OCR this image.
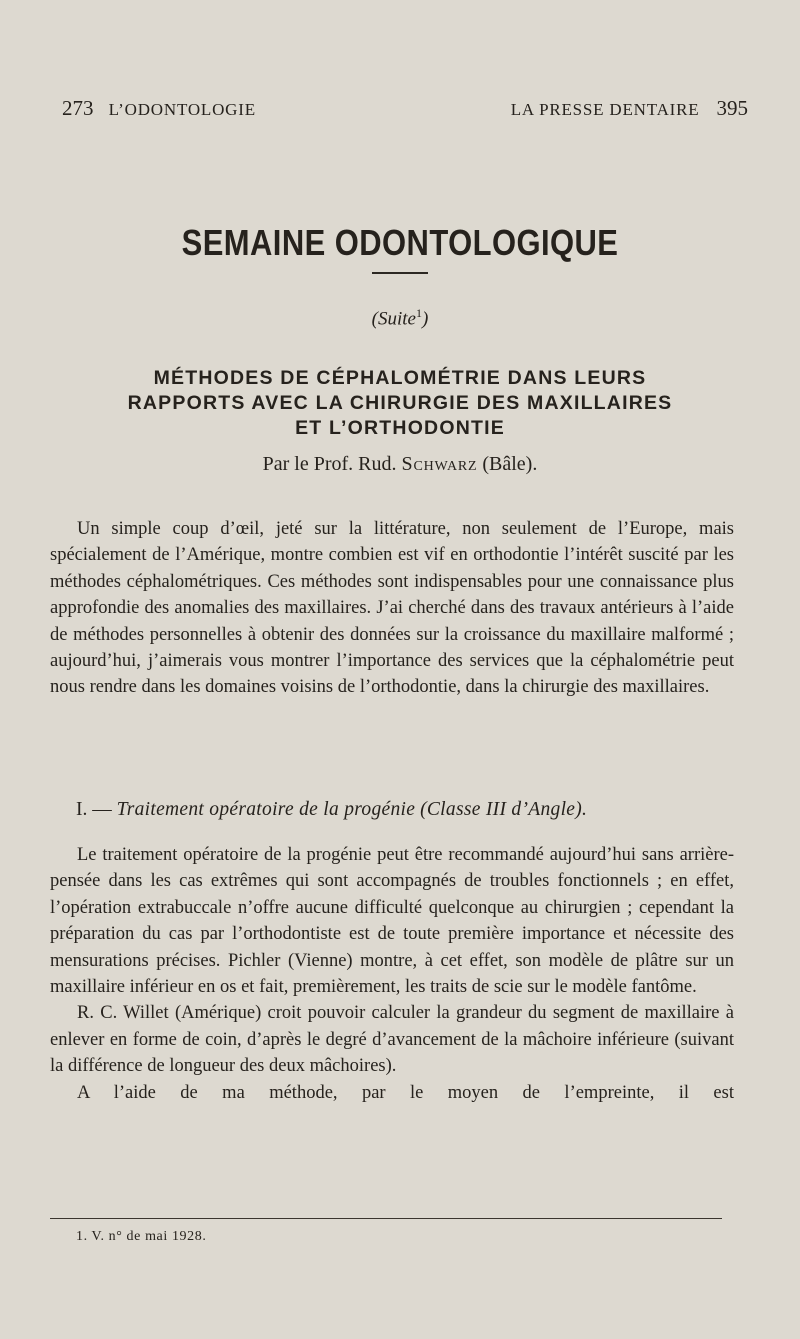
273 L’ODONTOLOGIE	LA PRESSE DENTAIRE 395
SEMAINE ODONTOLOGIQUE
(Suite$^1$)
MÉTHODES DE CÉPHALOMÉTRIE DANS LEURS
RAPPORTS AVEC LA CHIRURGIE DES MAXILLAIRES
ET L’ORTHODONTIE
Par le Prof. Rud. Schwarz (Bâle).

Un simple coup d’œil, jeté sur la littérature, non seulement de l’Europe, mais spécialement de l’Amérique, montre combien est vif en orthodontie l’intérêt suscité par les méthodes céphalométriques. Ces méthodes sont indispensables pour une connaissance plus approfondie des anomalies des maxillaires. J’ai cherché dans des travaux antérieurs à l’aide de méthodes personnelles à obtenir des données sur la croissance du maxillaire malformé ; aujourd’hui, j’aimerais vous montrer l’importance des services que la céphalométrie peut nous rendre dans les domaines voisins de l’orthodontie, dans la chirurgie des maxillaires.

I. — Traitement opératoire de la progénie (Classe III d’Angle).

Le traitement opératoire de la progénie peut être recommandé aujourd’hui sans arrière-pensée dans les cas extrêmes qui sont accompagnés de troubles fonctionnels ; en effet, l’opération extrabuccale n’offre aucune difficulté quelconque au chirurgien ; cependant la préparation du cas par l’orthodontiste est de toute première importance et nécessite des mensurations précises. Pichler (Vienne) montre, à cet effet, son modèle de plâtre sur un maxillaire inférieur en os et fait, premièrement, les traits de scie sur le modèle fantôme.

R. C. Willet (Amérique) croit pouvoir calculer la grandeur du segment de maxillaire à enlever en forme de coin, d’après le degré d’avancement de la mâchoire inférieure (suivant la différence de longueur des deux mâchoires).

A l’aide de ma méthode, par le moyen de l’empreinte, il est

1. V. n° de mai 1928.
